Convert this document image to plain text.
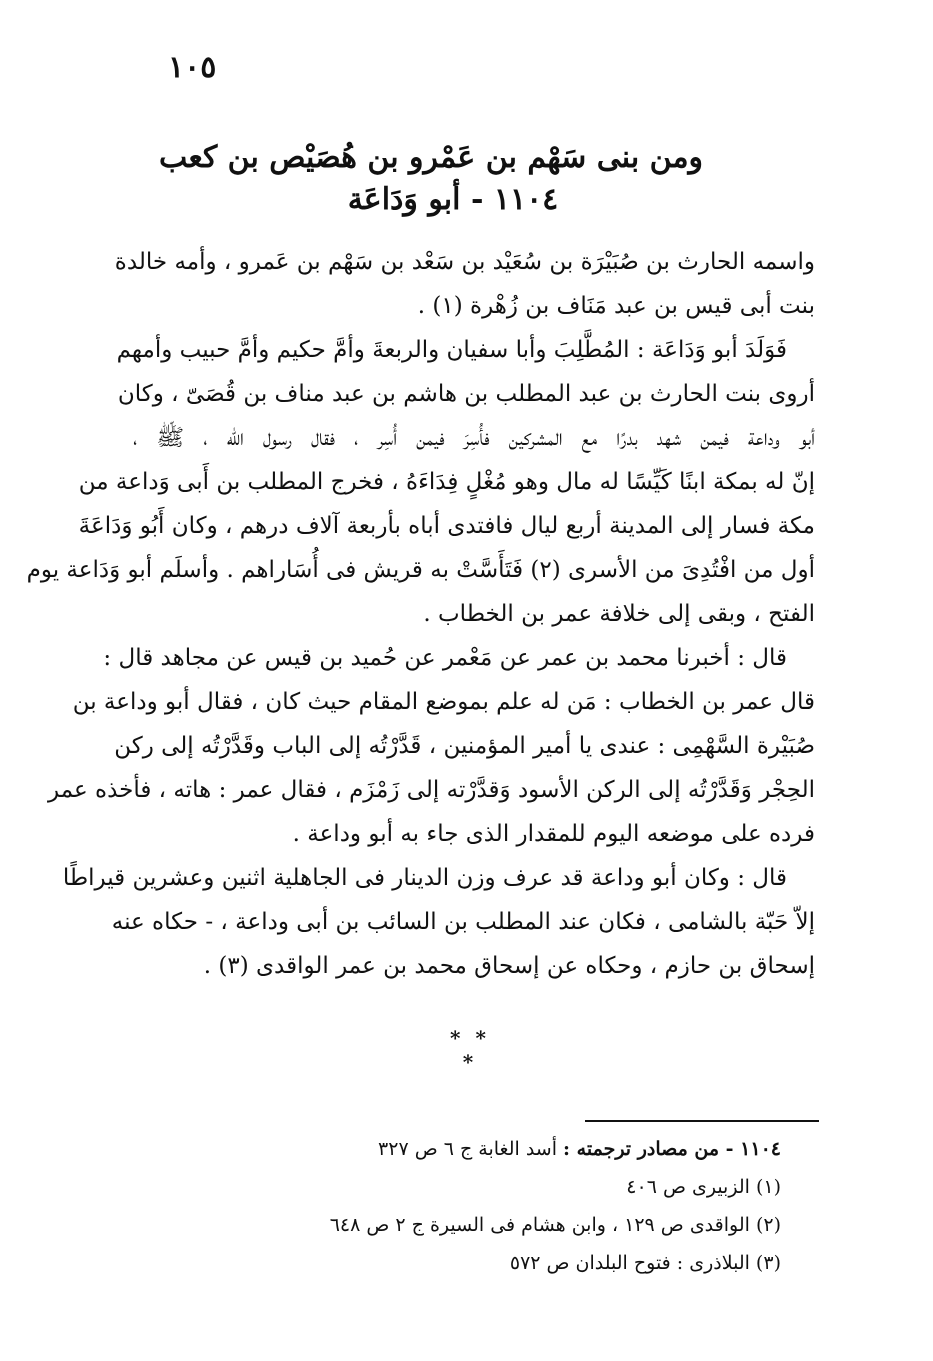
١٠٥
ومن بنى سَهْم بن عَمْرو بن هُصَيْص بن كعب
١١٠٤ - أبو وَدَاعَة

واسمه الحارث بن صُبَيْرَة بن سُعَيْد بن سَعْد بن سَهْم بن عَمرو ، وأمه خالدة

بنت أبى قيس بن عبد مَنَاف بن زُهْرة (١) .

فَوَلَدَ أبو وَدَاعَة : المُطَّلِبَ وأبا سفيان والربعةَ وأمَّ حكيم وأمَّ حبيب وأمهم

أروى بنت الحارث بن عبد المطلب بن هاشم بن عبد مناف بن قُصَىّ ، وكان

أبو وداعة فيمن شهد بدرًا مع المشركين فأُسِرَ فيمن أُسِر ، فقال رسول الله ، ﷺ ،

إنّ له بمكة ابنًا كَيِّسًا له مال وهو مُغْلٍ فِدَاءَهُ ، فخرج المطلب بن أَبى وَداعة من

مكة فسار إلى المدينة أربع ليال فافتدى أباه بأربعة آلاف درهم ، وكان أَبُو وَدَاعَةَ

أول من افْتُدِىَ من الأسرى (٢) فَتَأَسَّتْ به قريش فى أُسَاراهم . وأسلَم أبو وَدَاعة يوم

الفتح ، وبقى إلى خلافة عمر بن الخطاب .

قال : أخبرنا محمد بن عمر عن مَعْمر عن حُميد بن قيس عن مجاهد قال :

قال عمر بن الخطاب : مَن له علم بموضع المقام حيث كان ، فقال أبو وداعة بن

صُبَيْرة السَّهْمِى : عندى يا أمير المؤمنين ، قَدَّرْتُه إلى الباب وقَدَّرْتُه إلى ركن

الحِجْر وَقَدَّرْتُه إلى الركن الأسود وَقدَّرْته إلى زَمْزَم ، فقال عمر : هاته ، فأخذه عمر

فرده على موضعه اليوم للمقدار الذى جاء به أبو وداعة .

قال : وكان أبو وداعة قد عرف وزن الدينار فى الجاهلية اثنين وعشرين قيراطًا

إلاّ حَبّة بالشامى ، فكان عند المطلب بن السائب بن أبى وداعة ، - حكاه عنه

إسحاق بن حازم ، وحكاه عن إسحاق محمد بن عمر الواقدى (٣) .

* * *
١١٠٤ - من مصادر ترجمته : أسد الغابة ج ٦ ص ٣٢٧
(١) الزبيرى ص ٤٠٦
(٢) الواقدى ص ١٢٩ ، وابن هشام فى السيرة ج ٢ ص ٦٤٨
(٣) البلاذرى : فتوح البلدان ص ٥٧٢
